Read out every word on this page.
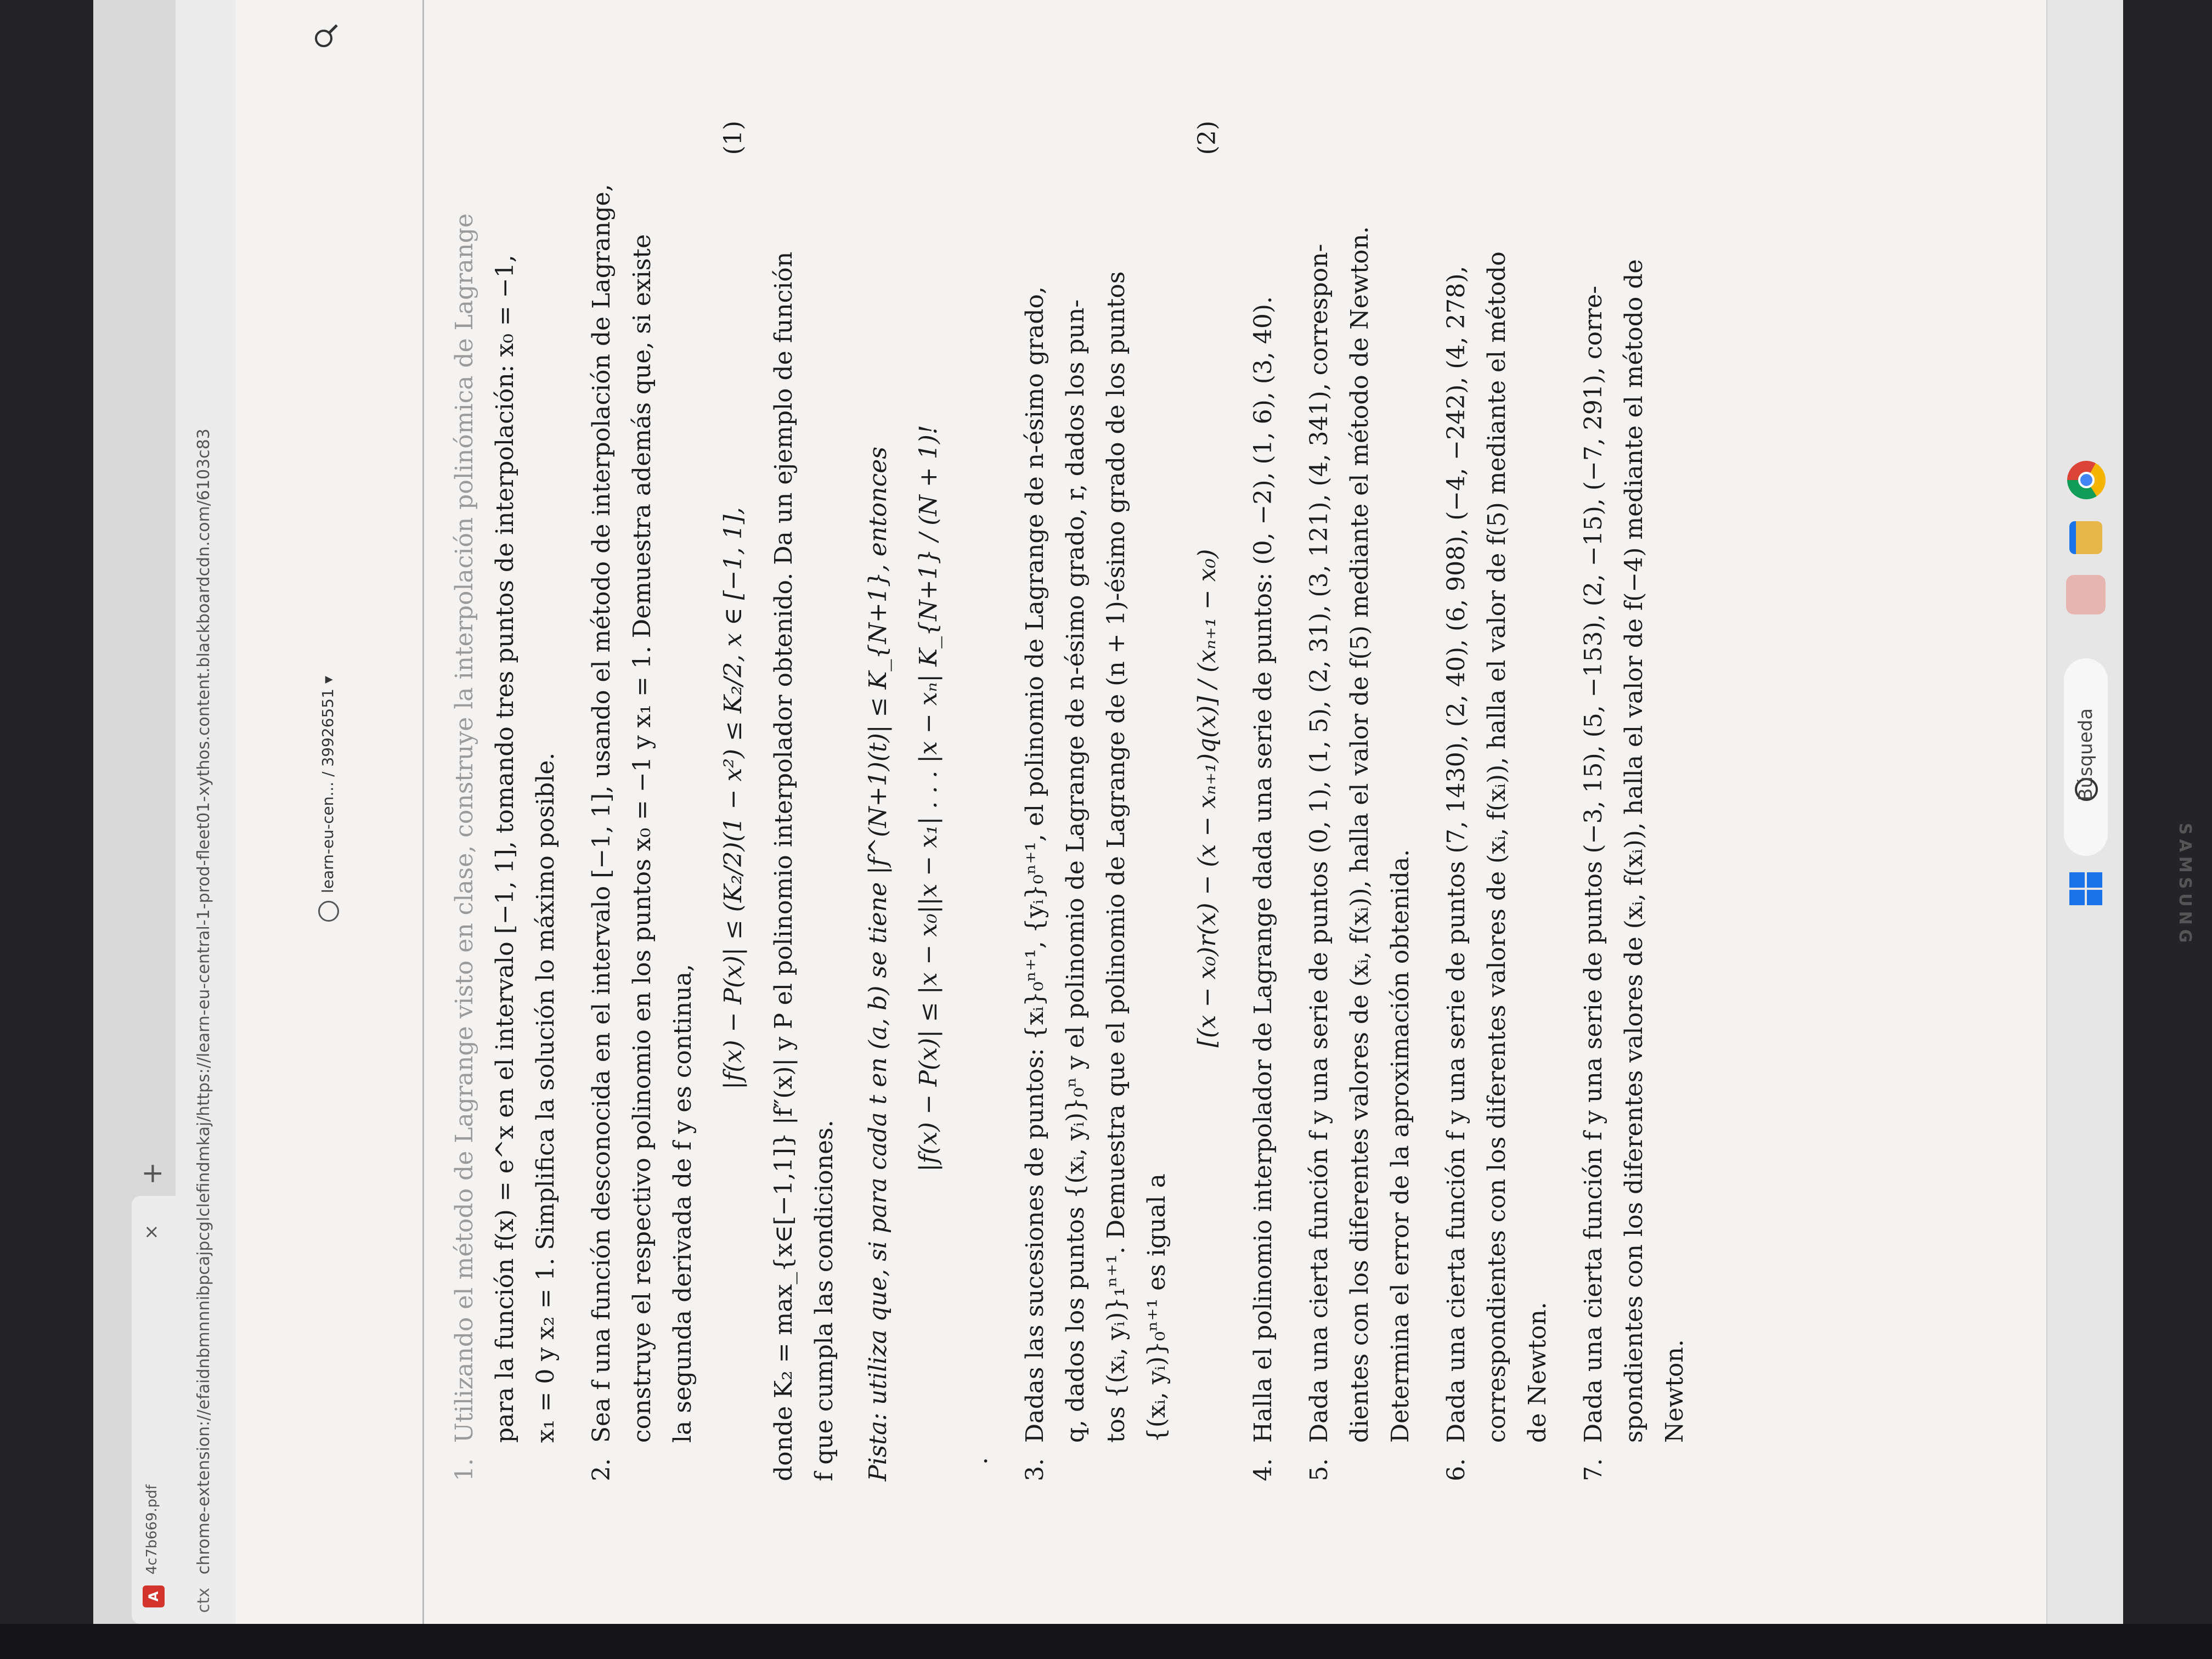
A
4c7b669.pdf
×
+
ctx
chrome-extension://efaidnbmnnnibpcajpcglclefindmkaj/https://learn-eu-central-1-prod-fleet01-xythos.content.blackboardcdn.com/6103c83	learn-eu-cen... / 39926551 ▾
1.
Utilizando el método de Lagrange visto en clase, construye la interpolación polinómica de Lagrange para la función f(x) = e^x en el intervalo [−1, 1], tomando tres puntos de interpolación: x₀ = −1, x₁ = 0 y x₂ = 1. Simplifica la solución lo máximo posible.
2.
Sea f una función desconocida en el intervalo [−1, 1], usando el método de interpolación de Lagrange, construye el respectivo polinomio en los puntos x₀ = −1 y x₁ = 1. Demuestra además que, si existe la segunda derivada de f y es continua,
|f(x) − P(x)| ≤ (K₂/2)(1 − x²) ≤ K₂/2, x ∈ [−1, 1],
(1)
donde K₂ = max_{x∈[−1,1]} |f″(x)| y P el polinomio interpolador obtenido. Da un ejemplo de función f que cumpla las condiciones. Pista: utiliza que, si para cada t en (a, b) se tiene |f^(N+1)(t)| ≤ K_{N+1}, entonces |f(x) − P(x)| ≤ |x − x₀||x − x₁| . . . |x − xₙ| K_{N+1} / (N + 1)!
. 3.
Dadas las sucesiones de puntos: {xᵢ}₀ⁿ⁺¹, {yᵢ}₀ⁿ⁺¹, el polinomio de Lagrange de n-ésimo grado, q, dados los puntos {(xᵢ, yᵢ)}₀ⁿ y el polinomio de Lagrange de n-ésimo grado, r, dados los pun- tos {(xᵢ, yᵢ)}₁ⁿ⁺¹. Demuestra que el polinomio de Lagrange de (n + 1)-ésimo grado de los puntos {(xᵢ, yᵢ)}₀ⁿ⁺¹ es igual a
[(x − x₀)r(x) − (x − xₙ₊₁)q(x)] / (xₙ₊₁ − x₀)
(2)
4.
Halla el polinomio interpolador de Lagrange dada una serie de puntos: (0, −2), (1, 6), (3, 40).
5.
Dada una cierta función f y una serie de puntos (0, 1), (1, 5), (2, 31), (3, 121), (4, 341), correspon- dientes con los diferentes valores de (xᵢ, f(xᵢ)), halla el valor de f(5) mediante el método de Newton. Determina el error de la aproximación obtenida.
6.
Dada una cierta función f y una serie de puntos (7, 1430), (2, 40), (6, 908), (−4, −242), (4, 278), correspondientes con los diferentes valores de (xᵢ, f(xᵢ)), halla el valor de f(5) mediante el método de Newton.
7.
Dada una cierta función f y una serie de puntos (−3, 15), (5, −153), (2, −15), (−7, 291), corre- spondientes con los diferentes valores de (xᵢ, f(xᵢ)), halla el valor de f(−4) mediante el método de Newton.
Búsqueda
SAMSUNG
